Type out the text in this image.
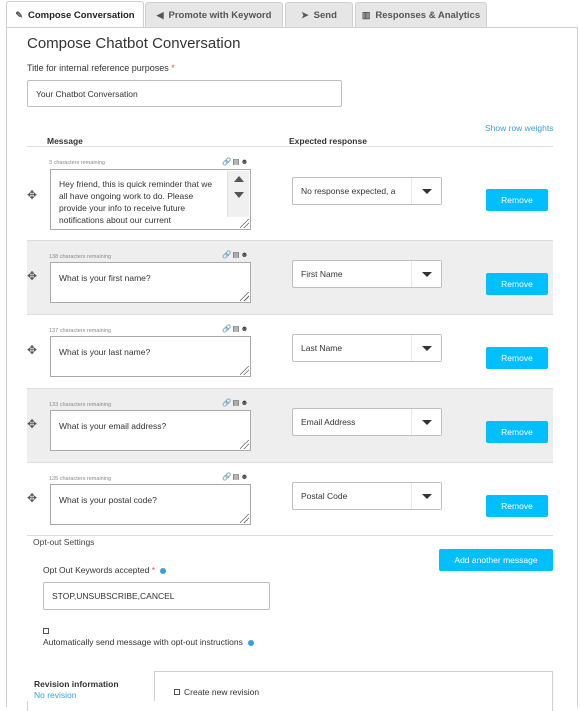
✎ Compose Conversation ◀ Promote with Keyword	➤ Send	▥ Responses & Analytics
Compose Chatbot Conversation
Title for internal reference purposes *
Your Chatbot Conversation
Show row weights
Message	Expected response
✥
3 characters remaining	🔗▤☻
Hey friend, this is quick reminder that we all have ongoing work to do. Please provide your info to receive future notifications about our current
No response expected, a
Remove
✥
138 characters remaining	🔗▤☻
What is your first name?	First Name
Remove
✥
137 characters remaining	🔗▤☻
What is your last name?	Last Name
Remove
✥
133 characters remaining	🔗▤☻
What is your email address?	Email Address
Remove
✥
135 characters remaining	🔗▤☻
What is your postal code?	Postal Code
Remove
Opt-out Settings
Add another message
Opt Out Keywords accepted *
STOP,UNSUBSCRIBE,CANCEL
Automatically send message with opt-out instructions
Revision information
No revision	Create new revision
